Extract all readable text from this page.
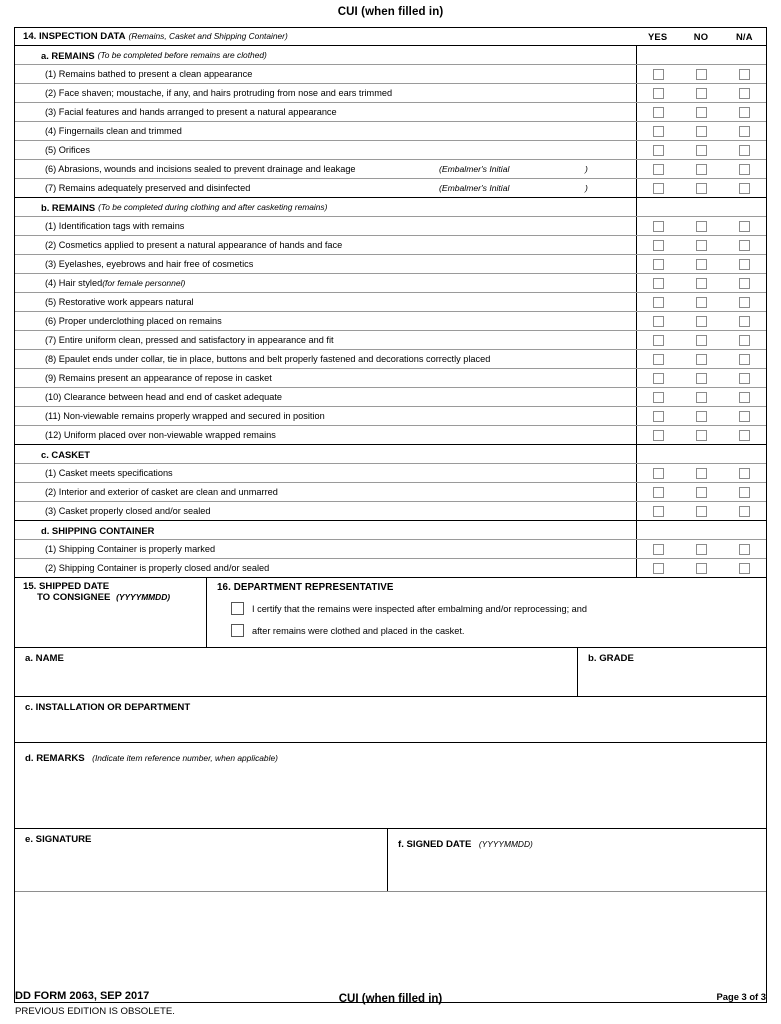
CUI (when filled in)
14. INSPECTION DATA (Remains, Casket and Shipping Container)	YES	NO	N/A
a. REMAINS (To be completed before remains are clothed)
(1) Remains bathed to present a clean appearance
(2) Face shaven; moustache, if any, and hairs protruding from nose and ears trimmed
(3) Facial features and hands arranged to present a natural appearance
(4) Fingernails clean and trimmed
(5) Orifices
(6) Abrasions, wounds and incisions sealed to prevent drainage and leakage	(Embalmer's Initial	)
(7) Remains adequately preserved and disinfected	(Embalmer's Initial	)
b. REMAINS (To be completed during clothing and after casketing remains)
(1) Identification tags with remains
(2) Cosmetics applied to present a natural appearance of hands and face
(3) Eyelashes, eyebrows and hair free of cosmetics
(4) Hair styled (for female personnel)
(5) Restorative work appears natural
(6) Proper underclothing placed on remains
(7) Entire uniform clean, pressed and satisfactory in appearance and fit
(8) Epaulet ends under collar, tie in place, buttons and belt properly fastened and decorations correctly placed
(9) Remains present an appearance of repose in casket
(10) Clearance between head and end of casket adequate
(11) Non-viewable remains properly wrapped and secured in position
(12) Uniform placed over non-viewable wrapped remains
c. CASKET
(1) Casket meets specifications
(2) Interior and exterior of casket are clean and unmarred
(3) Casket properly closed and/or sealed
d. SHIPPING CONTAINER
(1) Shipping Container is properly marked
(2) Shipping Container is properly closed and/or sealed
15. SHIPPED DATE
TO CONSIGNEE (YYYYMMDD)
16. DEPARTMENT REPRESENTATIVE
I certify that the remains were inspected after embalming and/or reprocessing; and
after remains were clothed and placed in the casket.
a. NAME	b. GRADE
c. INSTALLATION OR DEPARTMENT
d. REMARKS (Indicate item reference number, when applicable)
e. SIGNATURE	f. SIGNED DATE (YYYYMMDD)
DD FORM 2063, SEP 2017
PREVIOUS EDITION IS OBSOLETE.
CUI (when filled in)	Page 3 of 3
